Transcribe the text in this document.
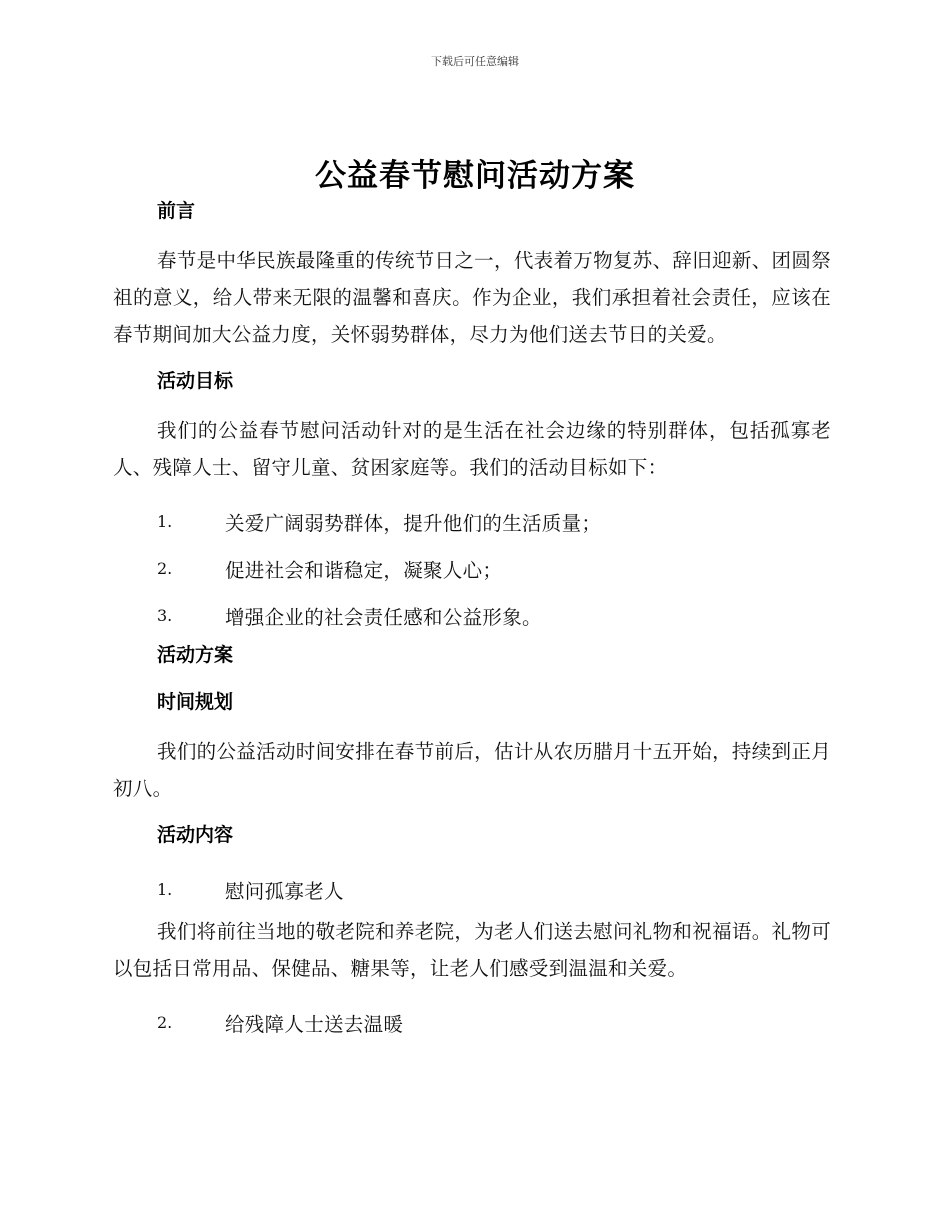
下载后可任意编辑
公益春节慰问活动方案
前言

春节是中华民族最隆重的传统节日之一，代表着万物复苏、辞旧迎新、团圆祭祖的意义，给人带来无限的温馨和喜庆。作为企业，我们承担着社会责任，应该在春节期间加大公益力度，关怀弱势群体，尽力为他们送去节日的关爱。

活动目标

我们的公益春节慰问活动针对的是生活在社会边缘的特别群体，包括孤寡老人、残障人士、留守儿童、贫困家庭等。我们的活动目标如下：

1.	关爱广阔弱势群体，提升他们的生活质量；
2.	促进社会和谐稳定，凝聚人心；
3.	增强企业的社会责任感和公益形象。
活动方案
时间规划

我们的公益活动时间安排在春节前后，估计从农历腊月十五开始，持续到正月初八。

活动内容
1.	慰问孤寡老人

我们将前往当地的敬老院和养老院，为老人们送去慰问礼物和祝福语。礼物可以包括日常用品、保健品、糖果等，让老人们感受到温温和关爱。

2.	给残障人士送去温暖
